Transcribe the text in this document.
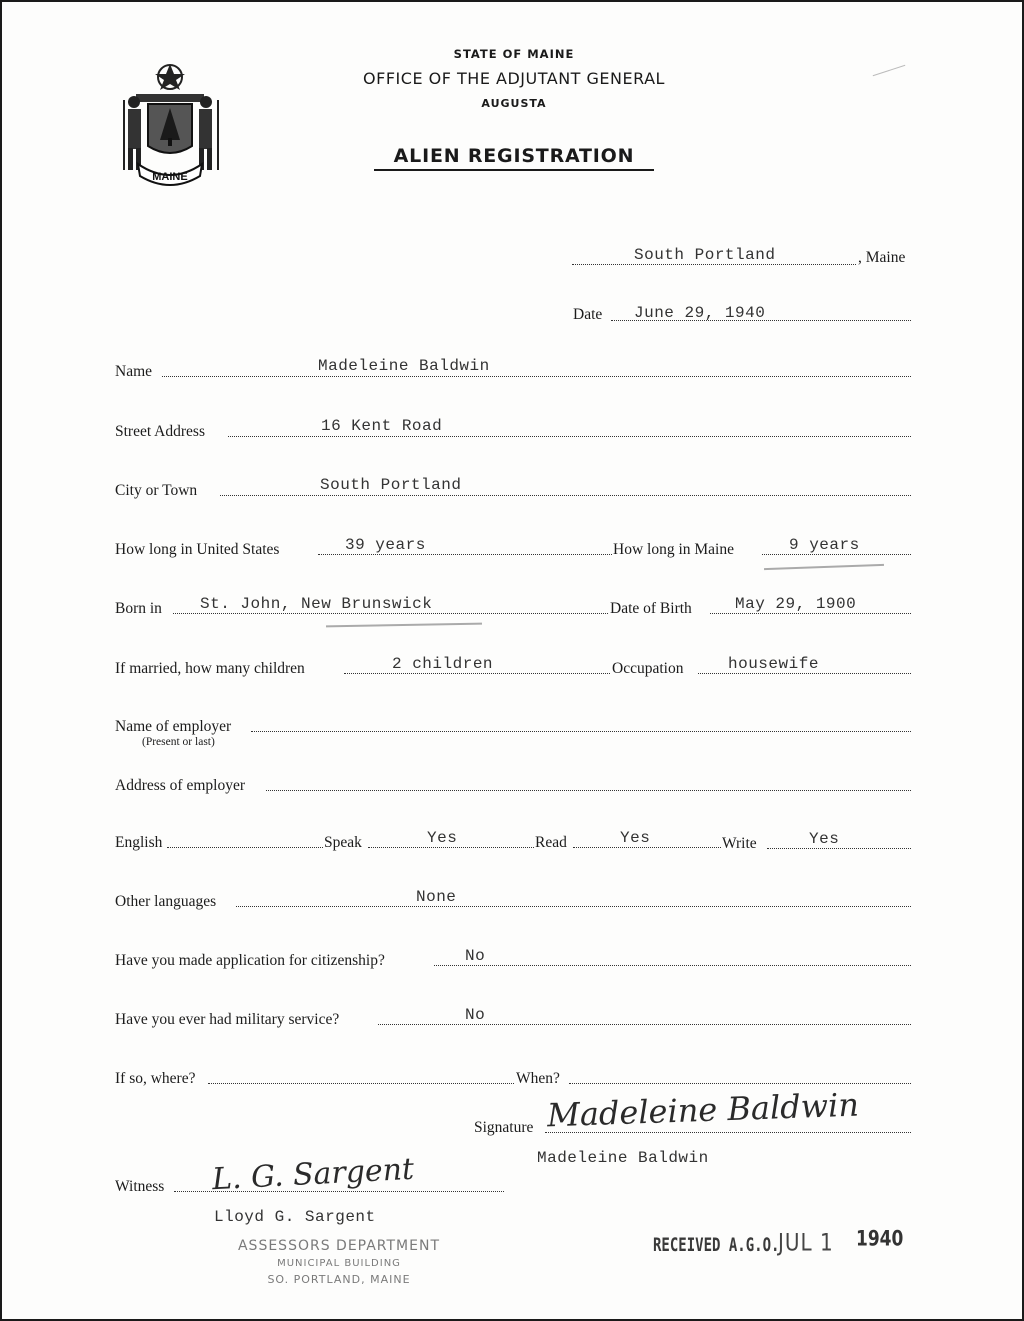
MAINE
STATE OF MAINE
OFFICE OF THE ADJUTANT GENERAL
AUGUSTA
ALIEN REGISTRATION
South Portland	, Maine
Date June 29, 1940
Name	Madeleine Baldwin
Street Address	16 Kent Road
City or Town	South Portland
How long in United States	39 years	How long in Maine	9 years
Born in St. John, New Brunswick	Date of Birth	May 29, 1900
If married, how many children	2 children	Occupation	housewife
Name of employer
(Present or last)
Address of employer
English	Speak	Yes	Read	Yes	Write	Yes
Other languages	None
Have you made application for citizenship?	No
Have you ever had military service?	No
If so, where?	When?
Signature Madeleine Baldwin
Madeleine Baldwin
Witness L. G. Sargent
Lloyd G. Sargent
ASSESSORS DEPARTMENT
MUNICIPAL BUILDING
SO. PORTLAND, MAINE
RECEIVED A.G.O.
JUL 1 1940
